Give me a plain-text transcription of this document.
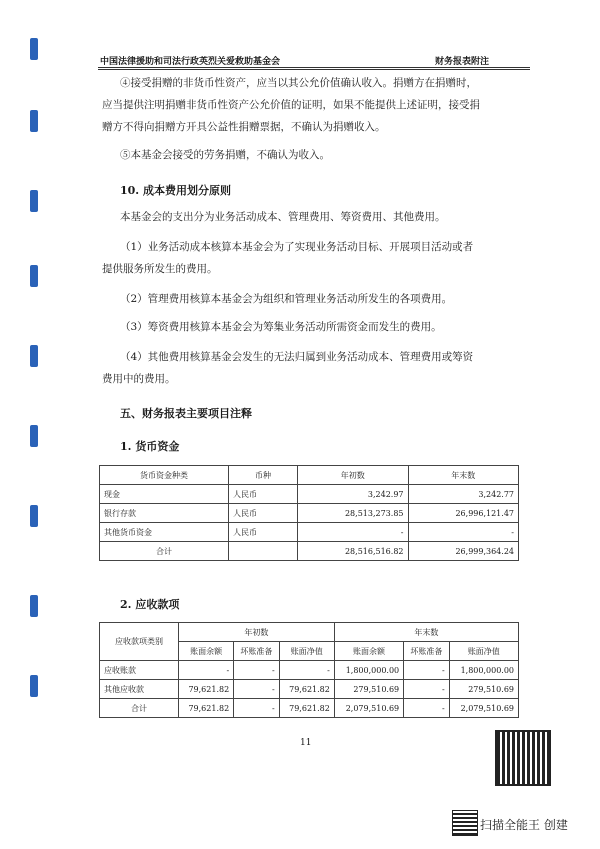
中国法律援助和司法行政英烈关爱救助基金会	财务报表附注
④接受捐赠的非货币性资产，应当以其公允价值确认收入。捐赠方在捐赠时，
应当提供注明捐赠非货币性资产公允价值的证明，如果不能提供上述证明，接受捐
赠方不得向捐赠方开具公益性捐赠票据，不确认为捐赠收入。
⑤本基金会接受的劳务捐赠，不确认为收入。
10. 成本费用划分原则
本基金会的支出分为业务活动成本、管理费用、筹资费用、其他费用。
（1）业务活动成本核算本基金会为了实现业务活动目标、开展项目活动或者
提供服务所发生的费用。
（2）管理费用核算本基金会为组织和管理业务活动所发生的各项费用。
（3）筹资费用核算本基金会为筹集业务活动所需资金而发生的费用。
（4）其他费用核算基金会发生的无法归属到业务活动成本、管理费用或筹资
费用中的费用。
五、财务报表主要项目注释
1. 货币资金
货币资金种类	币种	年初数	年末数
现金	人民币	3,242.97	3,242.77
银行存款	人民币	28,513,273.85	26,996,121.47
其他货币资金	人民币	-	-
合计		28,516,516.82	26,999,364.24
2. 应收款项
应收款项类别	年初数			年末数		
	账面余额	坏账准备	账面净值	账面余额	坏账准备	账面净值
应收账款	-	-	-	1,800,000.00	-	1,800,000.00
其他应收款	79,621.82	-	79,621.82	279,510.69	-	279,510.69
合计	79,621.82	-	79,621.82	2,079,510.69	-	2,079,510.69
11
扫描全能王 创建
